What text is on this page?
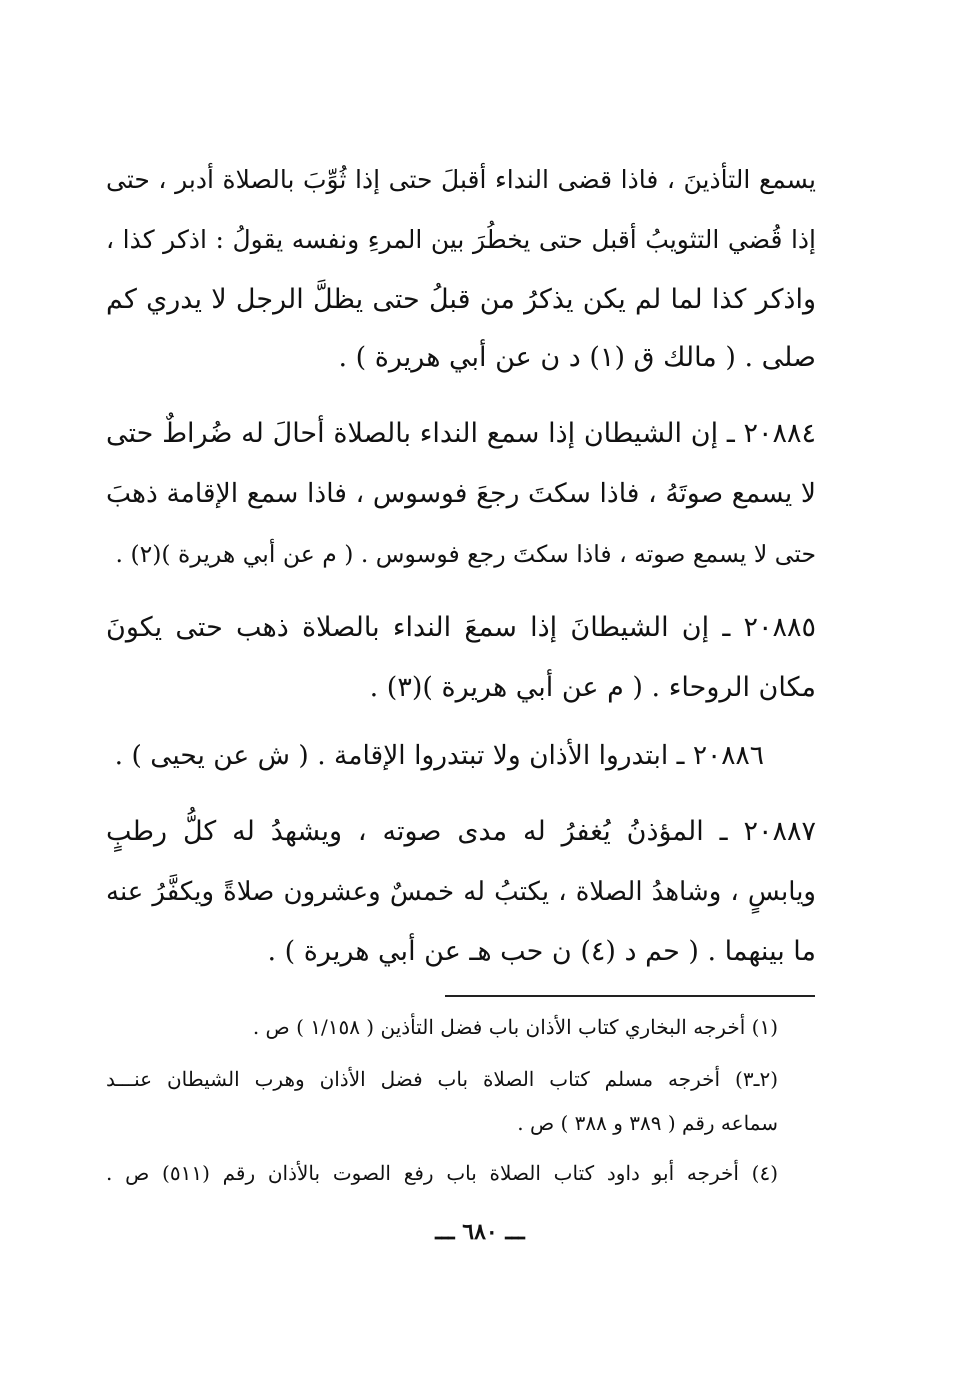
يسمع التأذينَ ، فاذا قضى النداء أقبلَ حتى إذا ثُوِّبَ بالصلاة أدبر ، حتى
إذا قُضي التثويبُ أقبل حتى يخطُرَ بين المرءِ ونفسه يقولُ : اذكر كذا ،
واذكر كذا لما لم يكن يذكرُ من قبلُ حتى يظلَّ الرجل لا يدري كم
صلى . ( مالك ق (١) د ن عن أبي هريرة ) .
٢٠٨٨٤ ـ إن الشيطان إذا سمع النداء بالصلاة أحالَ له ضُراطٌ حتى
لا يسمع صوتَهُ ، فاذا سكتَ رجعَ فوسوس ، فاذا سمع الإقامة ذهبَ
حتى لا يسمع صوته ، فاذا سكتَ رجع فوسوس . ( م عن أبي هريرة )(٢) .
٢٠٨٨٥ ـ إن الشيطانَ إذا سمعَ النداء بالصلاة ذهب حتى يكونَ
مكان الروحاء . ( م عن أبي هريرة )(٣) .
٢٠٨٨٦ ـ ابتدروا الأذان ولا تبتدروا الإقامة . ( ش عن يحيى ) .
٢٠٨٨٧ ـ المؤذنُ يُغفرُ له مدى صوته ، ويشهدُ له كلُّ رطبٍ
ويابسٍ ، وشاهدُ الصلاة ، يكتبُ له خمسٌ وعشرون صلاةً ويكفَّرُ عنه
ما بينهما . ( حم د (٤) ن حب هـ عن أبي هريرة ) .
(١) أخرجه البخاري كتاب الأذان باب فضل التأذين ( ١/١٥٨ ) ص .
(٢ـ٣) أخرجه مسلم كتاب الصلاة باب فضل الأذان وهرب الشيطان عنـــد
سماعه رقم ( ٣٨٩ و ٣٨٨ ) ص .
(٤) أخرجه أبو داود كتاب الصلاة باب رفع الصوت بالأذان رقم (٥١١) ص .
ـــ ٦٨٠ ـــ
